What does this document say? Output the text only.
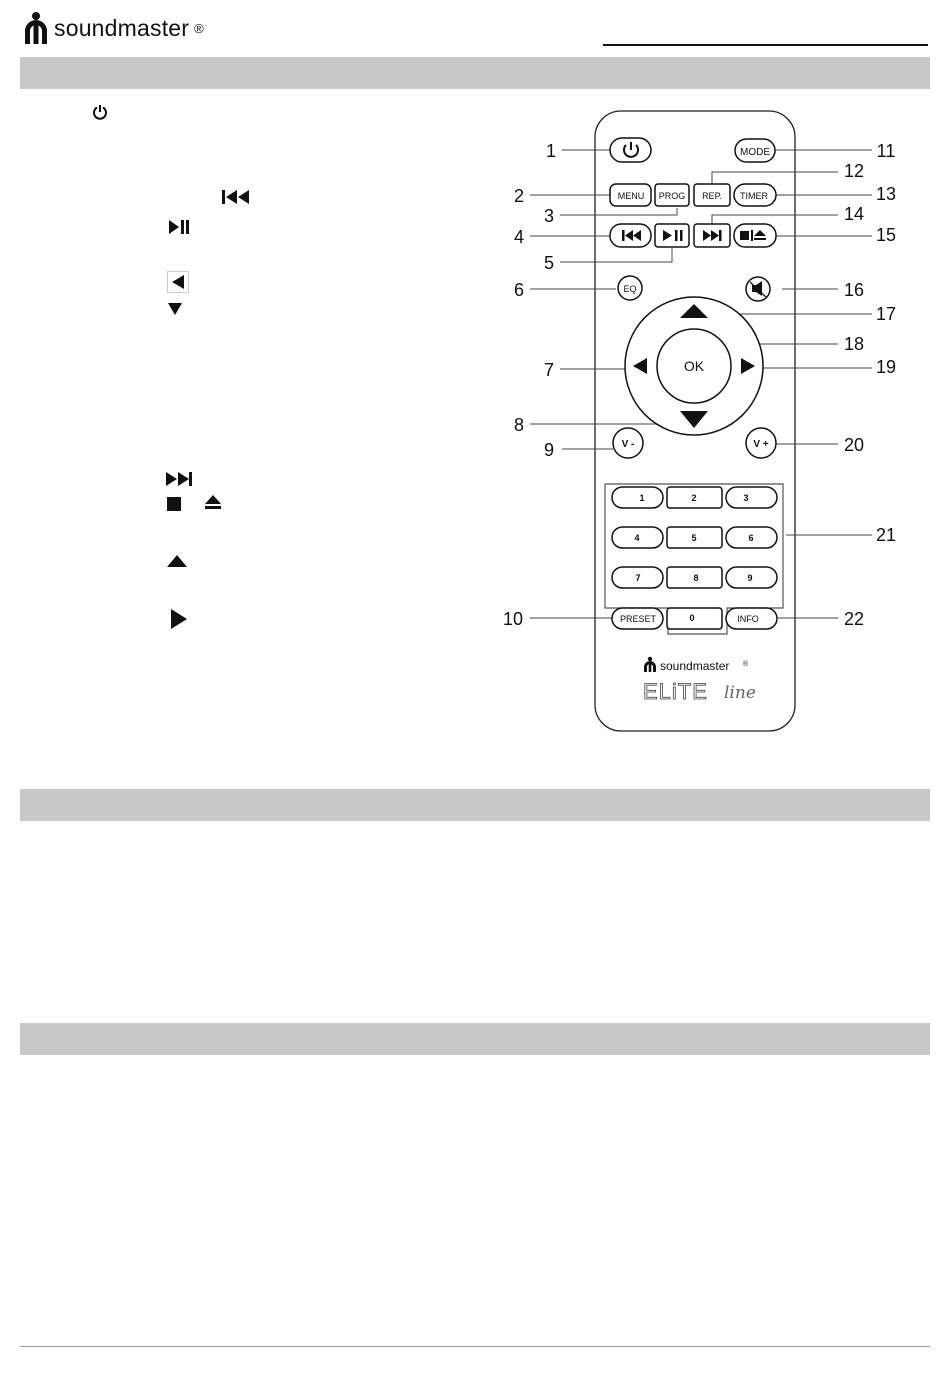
soundmaster ®
MODE
MENU PROG REP. TIMER
EQ
OK
V -	V +
1	2	3
4	5	6
7	8	9
PRESET	0	INFO
1
2
3
4
5
6
7
8
9
10
11
12
13
14
15
16
17
18
19
20
21
22
soundmaster ®
ELiTE line
